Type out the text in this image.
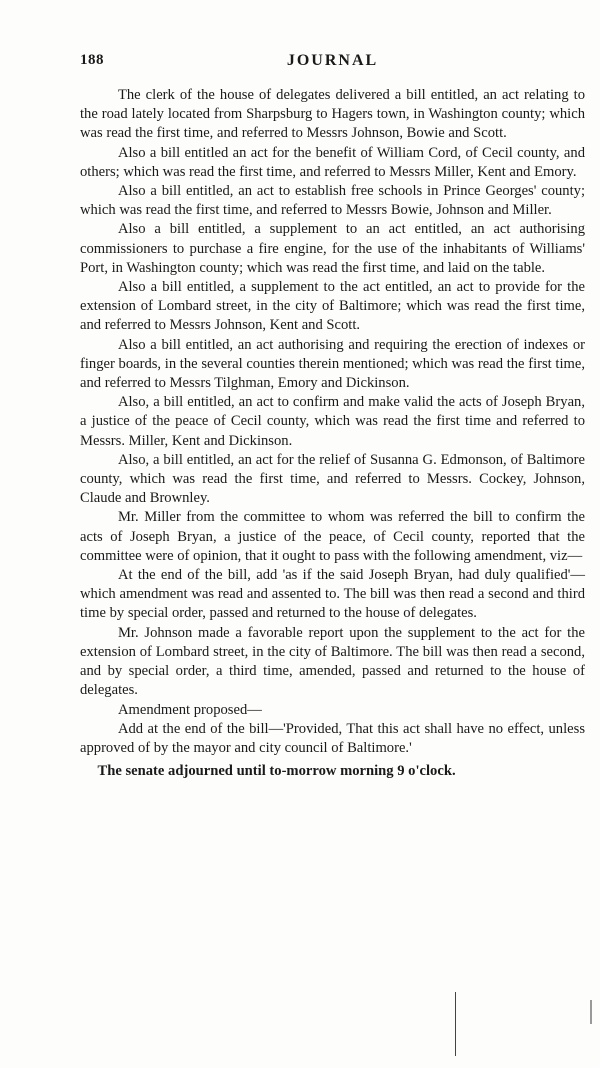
188	JOURNAL

The clerk of the house of delegates delivered a bill entitled, an act relating to the road lately located from Sharpsburg to Hagers town, in Washington county; which was read the first time, and referred to Messrs Johnson, Bowie and Scott.

Also a bill entitled an act for the benefit of William Cord, of Cecil county, and others; which was read the first time, and referred to Messrs Miller, Kent and Emory.

Also a bill entitled, an act to establish free schools in Prince Georges' county; which was read the first time, and referred to Messrs Bowie, Johnson and Miller.

Also a bill entitled, a supplement to an act entitled, an act authorising commissioners to purchase a fire engine, for the use of the inhabitants of Williams' Port, in Washington county; which was read the first time, and laid on the table.

Also a bill entitled, a supplement to the act entitled, an act to provide for the extension of Lombard street, in the city of Baltimore; which was read the first time, and referred to Messrs Johnson, Kent and Scott.

Also a bill entitled, an act authorising and requiring the erection of indexes or finger boards, in the several counties therein mentioned; which was read the first time, and referred to Messrs Tilghman, Emory and Dickinson.

Also, a bill entitled, an act to confirm and make valid the acts of Joseph Bryan, a justice of the peace of Cecil county, which was read the first time and referred to Messrs. Miller, Kent and Dickinson.

Also, a bill entitled, an act for the relief of Susanna G. Edmonson, of Baltimore county, which was read the first time, and referred to Messrs. Cockey, Johnson, Claude and Brownley.

Mr. Miller from the committee to whom was referred the bill to confirm the acts of Joseph Bryan, a justice of the peace, of Cecil county, reported that the committee were of opinion, that it ought to pass with the following amendment, viz—

At the end of the bill, add 'as if the said Joseph Bryan, had duly qualified'—which amendment was read and assented to. The bill was then read a second and third time by special order, passed and returned to the house of delegates.

Mr. Johnson made a favorable report upon the supplement to the act for the extension of Lombard street, in the city of Baltimore. The bill was then read a second, and by special order, a third time, amended, passed and returned to the house of delegates.

Amendment proposed—

Add at the end of the bill—'Provided, That this act shall have no effect, unless approved of by the mayor and city council of Baltimore.'

The senate adjourned until to-morrow morning 9 o'clock.
